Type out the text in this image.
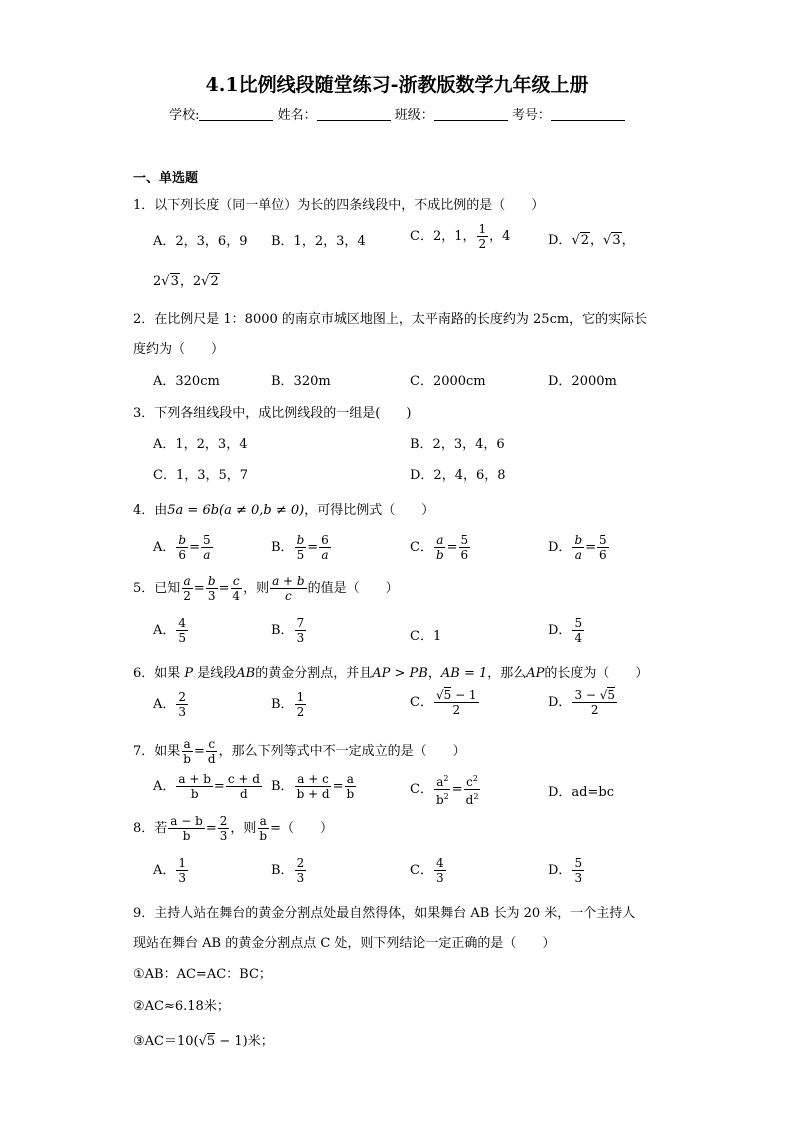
4.1比例线段随堂练习-浙教版数学九年级上册
学校:	姓名：	班级：	考号：
一、单选题
1．以下列长度（同一单位）为长的四条线段中，不成比例的是（　　）
A．2，3，6，9 B．1，2，3，4	C．2，1， $\frac{1}{2}$ ，4	D．√2，√3，
2√3，2√2
2．在比例尺是 1：8000 的南京市城区地图上，太平南路的长度约为 25cm，它的实际长
度约为（　　）
A．320cm	B．320m	C．2000cm	D．2000m
3．下列各组线段中，成比例线段的一组是(　　)
A．1，2，3，4	B．2，3，4，6
C．1，3，5，7	D．2，4，6，8
4．由5a = 6b(a ≠ 0,b ≠ 0)，可得比例式（　　）
A． $\frac{b}{6} = \frac{5}{a}$	B． $\frac{b}{5} = \frac{6}{a}$	C． $\frac{a}{b} = \frac{5}{6}$	D． $\frac{b}{a} = \frac{5}{6}$
5．已知 $\frac{a}{2} = \frac{b}{3} = \frac{c}{4}$ ，则 $\frac{a + b}{c}$ 的值是（　　）
A． $\frac{4}{5}$	B． $\frac{7}{3}$	C．1	D． $\frac{5}{4}$
6．如果 P 是线段AB的黄金分割点，并且AP > PB，AB = 1，那么AP的长度为（　　）
A． $\frac{2}{3}$	B． $\frac{1}{2}$	C． $\frac{√5 - 1}{2}$	D． $\frac{3 - √5}{2}$
7．如果 $\frac{a}{b} = \frac{c}{d}$ ，那么下列等式中不一定成立的是（　　）
A． $\frac{a + b}{b} = \frac{c + d}{d}$ B． $\frac{a + c}{b + d} = \frac{a}{b}$	C． $\frac{a^2}{b^2} = \frac{c^2}{d^2}$	D．ad=bc
8．若 $\frac{a - b}{b} = \frac{2}{3}$ ，则 $\frac{a}{b}$ =（　　）
A． $\frac{1}{3}$	B． $\frac{2}{3}$	C． $\frac{4}{3}$	D． $\frac{5}{3}$
9．主持人站在舞台的黄金分割点处最自然得体，如果舞台 AB 长为 20 米，一个主持人
现站在舞台 AB 的黄金分割点点 C 处，则下列结论一定正确的是（　　）
①AB：AC=AC：BC；
②AC≈6.18米；
③AC＝10(√5 − 1)米；
